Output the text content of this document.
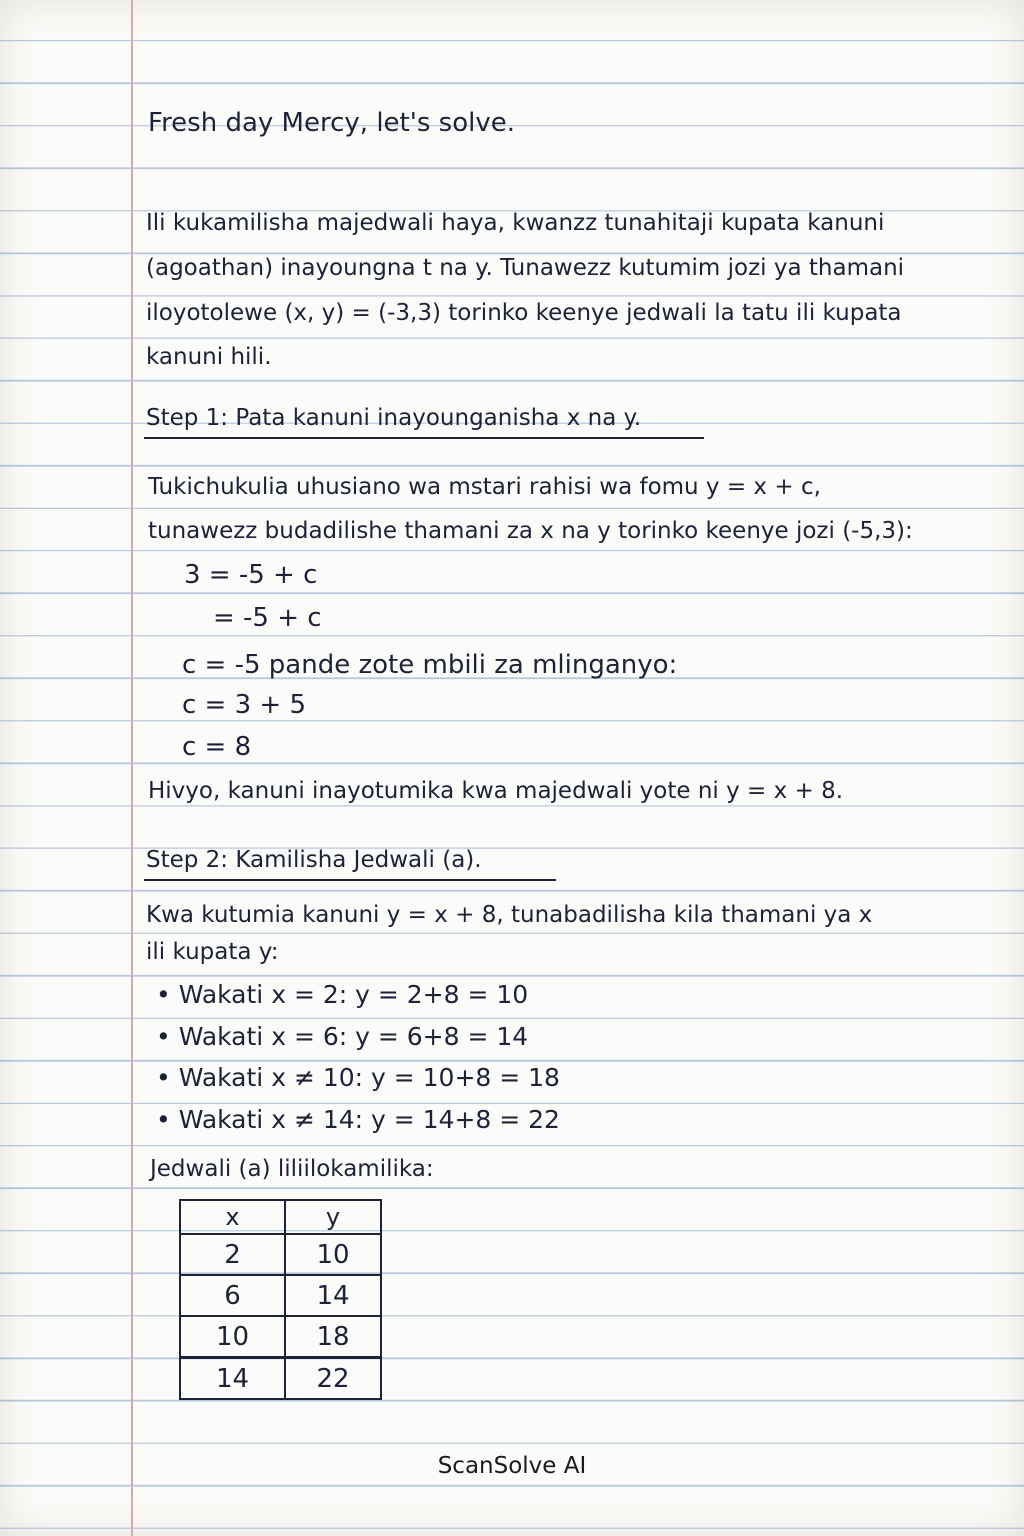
Fresh day Mercy, let's solve.
Ili kukamilisha majedwali haya, kwanzz tunahitaji kupata kanuni
(agoathan) inayoungna t na y. Tunawezz kutumim jozi ya thamani
iloyotolewe (x, y) = (-3,3) torinko keenye jedwali la tatu ili kupata
kanuni hili.
Step 1: Pata kanuni inayounganisha x na y.
Tukichukulia uhusiano wa mstari rahisi wa fomu y = x + c,
tunawezz budadilishe thamani za x na y torinko keenye jozi (-5,3):
3 = -5 + c
= -5 + c
c = -5 pande zote mbili za mlinganyo:
c = 3 + 5
c = 8
Hivyo, kanuni inayotumika kwa majedwali yote ni y = x + 8.
Step 2: Kamilisha Jedwali (a).
Kwa kutumia kanuni y = x + 8, tunabadilisha kila thamani ya x
ili kupata y:
• Wakati x = 2: y = 2+8 = 10
• Wakati x = 6: y = 6+8 = 14
• Wakati x ≠ 10: y = 10+8 = 18
• Wakati x ≠ 14: y = 14+8 = 22
Jedwali (a) liliilokamilika:
x	y
2	10
6	14
10	18
14	22
ScanSolve AI
